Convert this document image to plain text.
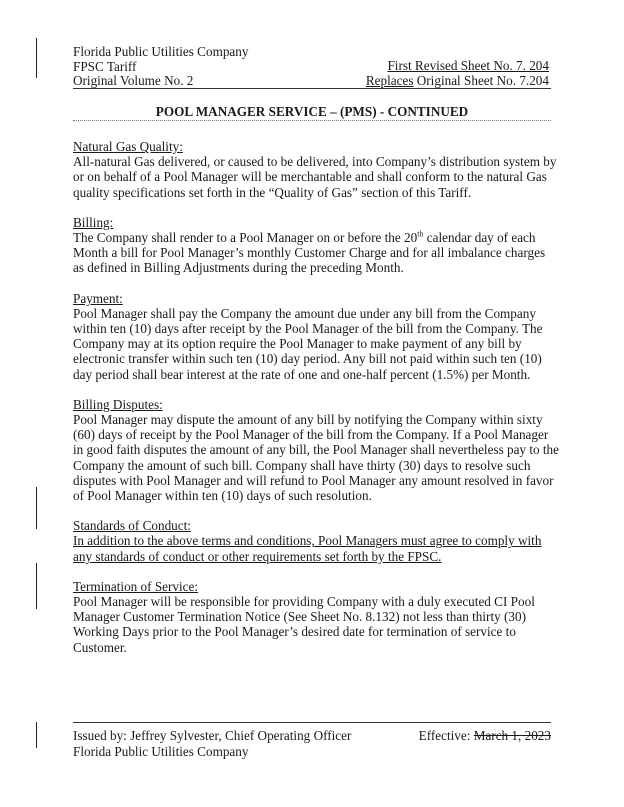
Florida Public Utilities Company
FPSC Tariff
Original Volume No. 2
First Revised Sheet No. 7. 204
Replaces Original Sheet No. 7.204
POOL MANAGER SERVICE – (PMS) - CONTINUED
Natural Gas Quality:

All-natural Gas delivered, or caused to be delivered, into Company’s distribution system by or on behalf of a Pool Manager will be merchantable and shall conform to the natural Gas quality specifications set forth in the “Quality of Gas” section of this Tariff.

Billing:

The Company shall render to a Pool Manager on or before the 20th calendar day of each Month a bill for Pool Manager’s monthly Customer Charge and for all imbalance charges as defined in Billing Adjustments during the preceding Month.

Payment:

Pool Manager shall pay the Company the amount due under any bill from the Company within ten (10) days after receipt by the Pool Manager of the bill from the Company. The Company may at its option require the Pool Manager to make payment of any bill by electronic transfer within such ten (10) day period. Any bill not paid within such ten (10) day period shall bear interest at the rate of one and one-half percent (1.5%) per Month.

Billing Disputes:

Pool Manager may dispute the amount of any bill by notifying the Company within sixty (60) days of receipt by the Pool Manager of the bill from the Company. If a Pool Manager in good faith disputes the amount of any bill, the Pool Manager shall nevertheless pay to the Company the amount of such bill. Company shall have thirty (30) days to resolve such disputes with Pool Manager and will refund to Pool Manager any amount resolved in favor of Pool Manager within ten (10) days of such resolution.

Standards of Conduct:

In addition to the above terms and conditions, Pool Managers must agree to comply with any standards of conduct or other requirements set forth by the FPSC.

Termination of Service:

Pool Manager will be responsible for providing Company with a duly executed CI Pool Manager Customer Termination Notice (See Sheet No. 8.132) not less than thirty (30) Working Days prior to the Pool Manager’s desired date for termination of service to Customer.

Issued by: Jeffrey Sylvester, Chief Operating Officer
Florida Public Utilities Company
Effective: March 1, 2023
